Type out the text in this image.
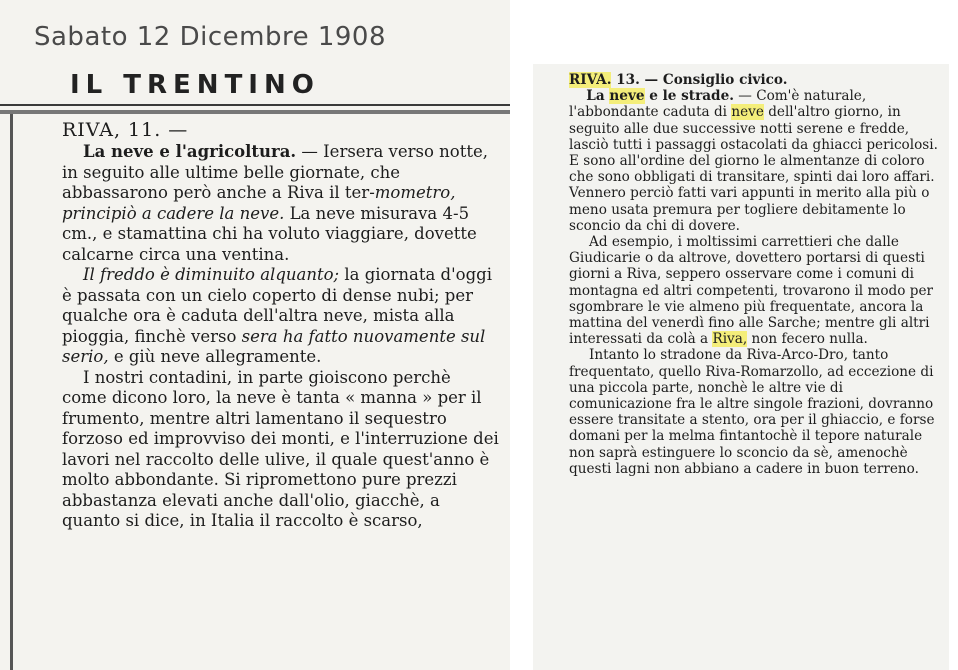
Sabato 12 Dicembre 1908
IL TRENTINO
RIVA, 11. —

La neve e l'agricoltura. — Iersera verso notte, in seguito alle ultime belle giornate, che abbassarono però anche a Riva il ter-mometro, principiò a cadere la neve. La neve misurava 4-5 cm., e stamattina chi ha voluto viaggiare, dovette calcarne circa una ventina.

Il freddo è diminuito alquanto; la giornata d'oggi è passata con un cielo coperto di dense nubi; per qualche ora è caduta dell'altra neve, mista alla pioggia, finchè verso sera ha fatto nuovamente sul serio, e giù neve allegramente.

I nostri contadini, in parte gioiscono perchè come dicono loro, la neve è tanta « manna » per il frumento, mentre altri lamentano il sequestro forzoso ed improvviso dei monti, e l'interruzione dei lavori nel raccolto delle ulive, il quale quest'anno è molto abbondante. Si ripromettono pure prezzi abbastanza elevati anche dall'olio, giacchè, a quanto si dice, in Italia il raccolto è scarso,

RIVA. 13. — Consiglio civico.

La neve e le strade. — Com'è naturale, l'abbondante caduta di neve dell'altro giorno, in seguito alle due successive notti serene e fredde, lasciò tutti i passaggi ostacolati da ghiacci pericolosi. E sono all'ordine del giorno le almentanze di coloro che sono obbligati di transitare, spinti dai loro affari. Vennero perciò fatti vari appunti in merito alla più o meno usata premura per togliere debitamente lo sconcio da chi di dovere.

Ad esempio, i moltissimi carrettieri che dalle Giudicarie o da altrove, dovettero portarsi di questi giorni a Riva, seppero osservare come i comuni di montagna ed altri competenti, trovarono il modo per sgombrare le vie almeno più frequentate, ancora la mattina del venerdì fino alle Sarche; mentre gli altri interessati da colà a Riva, non fecero nulla.

Intanto lo stradone da Riva-Arco-Dro, tanto frequentato, quello Riva-Romarzollo, ad eccezione di una piccola parte, nonchè le altre vie di comunicazione fra le altre singole frazioni, dovranno essere transitate a stento, ora per il ghiaccio, e forse domani per la melma fintantochè il tepore naturale non saprà estinguere lo sconcio da sè, amenochè questi lagni non abbiano a cadere in buon terreno.
